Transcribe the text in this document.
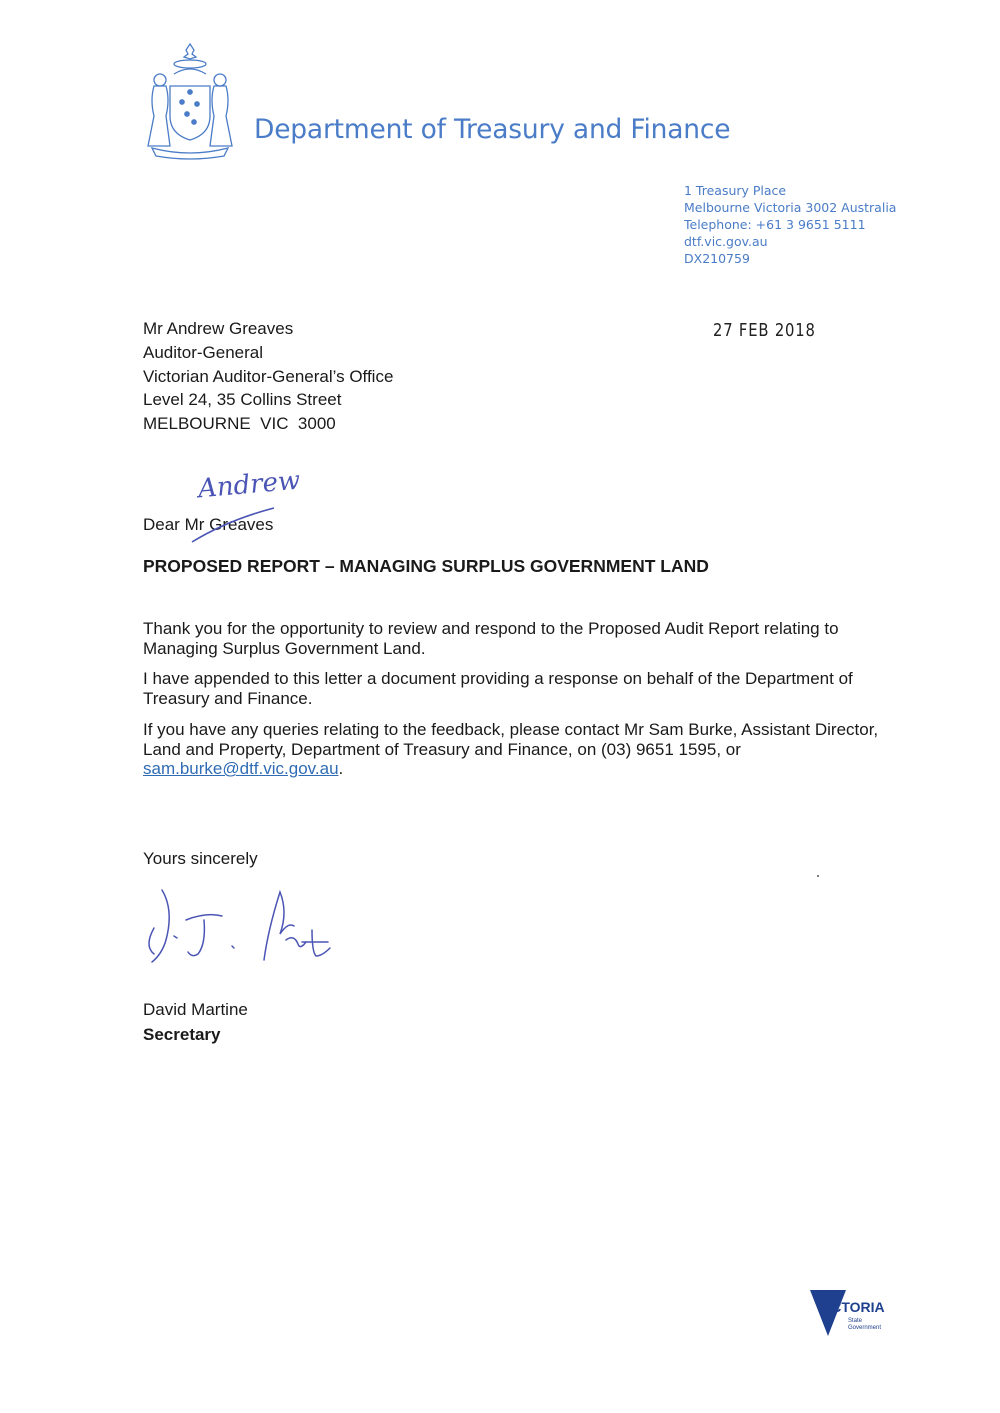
Department of Treasury and Finance
1 Treasury Place
Melbourne Victoria 3002 Australia
Telephone: +61 3 9651 5111
dtf.vic.gov.au
DX210759
Mr Andrew Greaves
Auditor-General
Victorian Auditor-General’s Office
Level 24, 35 Collins Street
MELBOURNE  VIC  3000
27 FEB 2018
Andrew
Dear Mr Greaves
PROPOSED REPORT – MANAGING SURPLUS GOVERNMENT LAND
Thank you for the opportunity to review and respond to the Proposed Audit Report relating to Managing Surplus Government Land.
I have appended to this letter a document providing a response on behalf of the Department of Treasury and Finance.
If you have any queries relating to the feedback, please contact Mr Sam Burke, Assistant Director, Land and Property, Department of Treasury and Finance, on (03) 9651 1595, or sam.burke@dtf.vic.gov.au.
Yours sincerely
David Martine
Secretary
VICTORIA
State
Government
